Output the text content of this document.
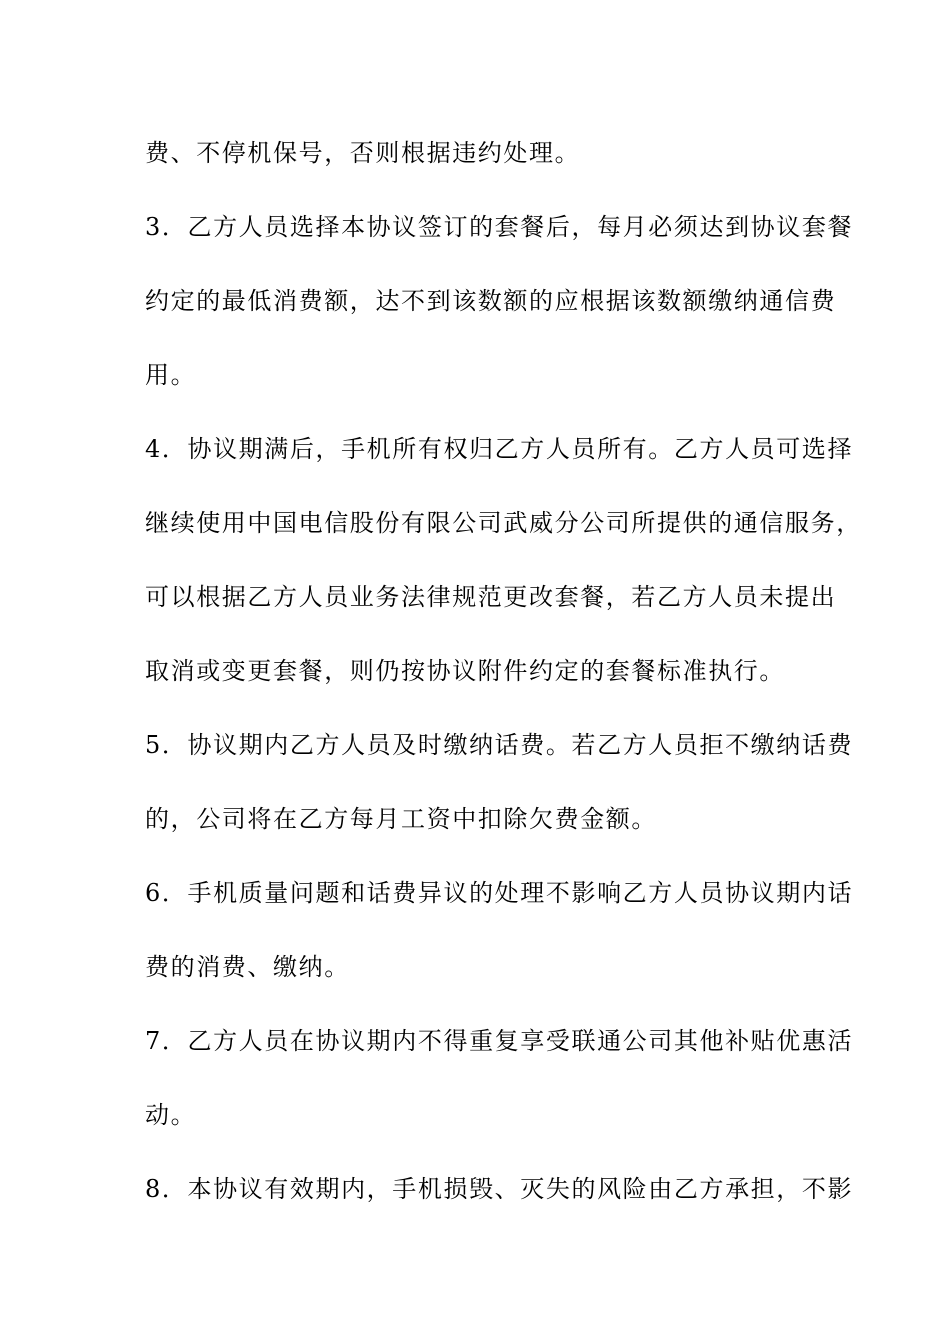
费、不停机保号，否则根据违约处理。
3．乙方人员选择本协议签订的套餐后，每月必须达到协议套餐
约定的最低消费额，达不到该数额的应根据该数额缴纳通信费
用。
4．协议期满后，手机所有权归乙方人员所有。乙方人员可选择
继续使用中国电信股份有限公司武威分公司所提供的通信服务，
可以根据乙方人员业务法律规范更改套餐，若乙方人员未提出
取消或变更套餐，则仍按协议附件约定的套餐标准执行。
5．协议期内乙方人员及时缴纳话费。若乙方人员拒不缴纳话费
的，公司将在乙方每月工资中扣除欠费金额。
6．手机质量问题和话费异议的处理不影响乙方人员协议期内话
费的消费、缴纳。
7．乙方人员在协议期内不得重复享受联通公司其他补贴优惠活
动。
8．本协议有效期内，手机损毁、灭失的风险由乙方承担，不影
